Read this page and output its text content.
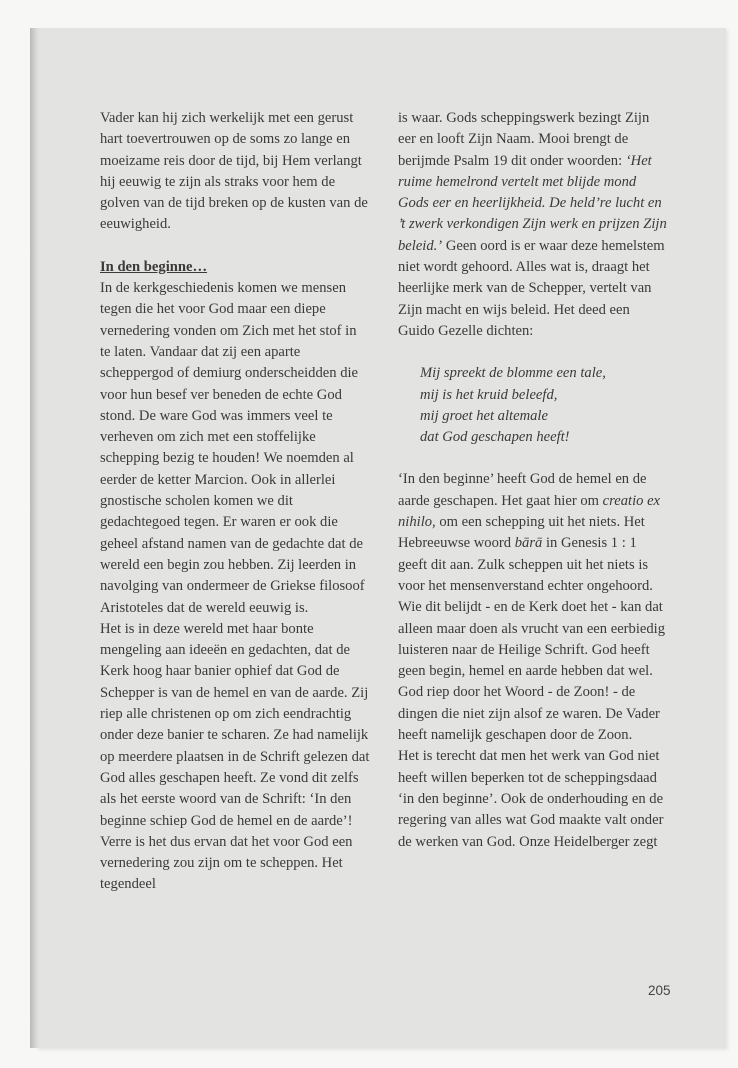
Vader kan hij zich werkelijk met een gerust hart toevertrouwen op de soms zo lange en moeizame reis door de tijd, bij Hem verlangt hij eeuwig te zijn als straks voor hem de golven van de tijd breken op de kusten van de eeuwigheid.

In den beginne…

In de kerkgeschiedenis komen we mensen tegen die het voor God maar een diepe vernedering vonden om Zich met het stof in te laten. Vandaar dat zij een aparte scheppergod of demiurg onderscheidden die voor hun besef ver beneden de echte God stond. De ware God was immers veel te verheven om zich met een stoffelijke schepping bezig te houden! We noemden al eerder de ketter Marcion. Ook in allerlei gnostische scholen komen we dit gedachtegoed tegen. Er waren er ook die geheel afstand namen van de gedachte dat de wereld een begin zou hebben. Zij leerden in navolging van ondermeer de Griekse filosoof Aristoteles dat de wereld eeuwig is.

Het is in deze wereld met haar bonte mengeling aan ideeën en gedachten, dat de Kerk hoog haar banier ophief dat God de Schepper is van de hemel en van de aarde. Zij riep alle christenen op om zich eendrachtig onder deze banier te scharen. Ze had namelijk op meerdere plaatsen in de Schrift gelezen dat God alles geschapen heeft. Ze vond dit zelfs als het eerste woord van de Schrift: ‘In den beginne schiep God de hemel en de aarde’! Verre is het dus ervan dat het voor God een vernedering zou zijn om te scheppen. Het tegendeel

is waar. Gods scheppingswerk bezingt Zijn eer en looft Zijn Naam. Mooi brengt de berijmde Psalm 19 dit onder woorden: ‘Het ruime hemelrond vertelt met blijde mond Gods eer en heerlijkheid. De held’re lucht en ’t zwerk verkondigen Zijn werk en prijzen Zijn beleid.’ Geen oord is er waar deze hemelstem niet wordt gehoord. Alles wat is, draagt het heerlijke merk van de Schepper, vertelt van Zijn macht en wijs beleid. Het deed een Guido Gezelle dichten:

Mij spreekt de blomme een tale,
mij is het kruid beleefd,
mij groet het altemale
dat God geschapen heeft!

‘In den beginne’ heeft God de hemel en de aarde geschapen. Het gaat hier om creatio ex nihilo, om een schepping uit het niets. Het Hebreeuwse woord bārā in Genesis 1 : 1 geeft dit aan. Zulk scheppen uit het niets is voor het mensenverstand echter ongehoord. Wie dit belijdt - en de Kerk doet het - kan dat alleen maar doen als vrucht van een eerbiedig luisteren naar de Heilige Schrift. God heeft geen begin, hemel en aarde hebben dat wel. God riep door het Woord - de Zoon! - de dingen die niet zijn alsof ze waren. De Vader heeft namelijk geschapen door de Zoon.

Het is terecht dat men het werk van God niet heeft willen beperken tot de scheppingsdaad ‘in den beginne’. Ook de onderhouding en de regering van alles wat God maakte valt onder de werken van God. Onze Heidelberger zegt

205
